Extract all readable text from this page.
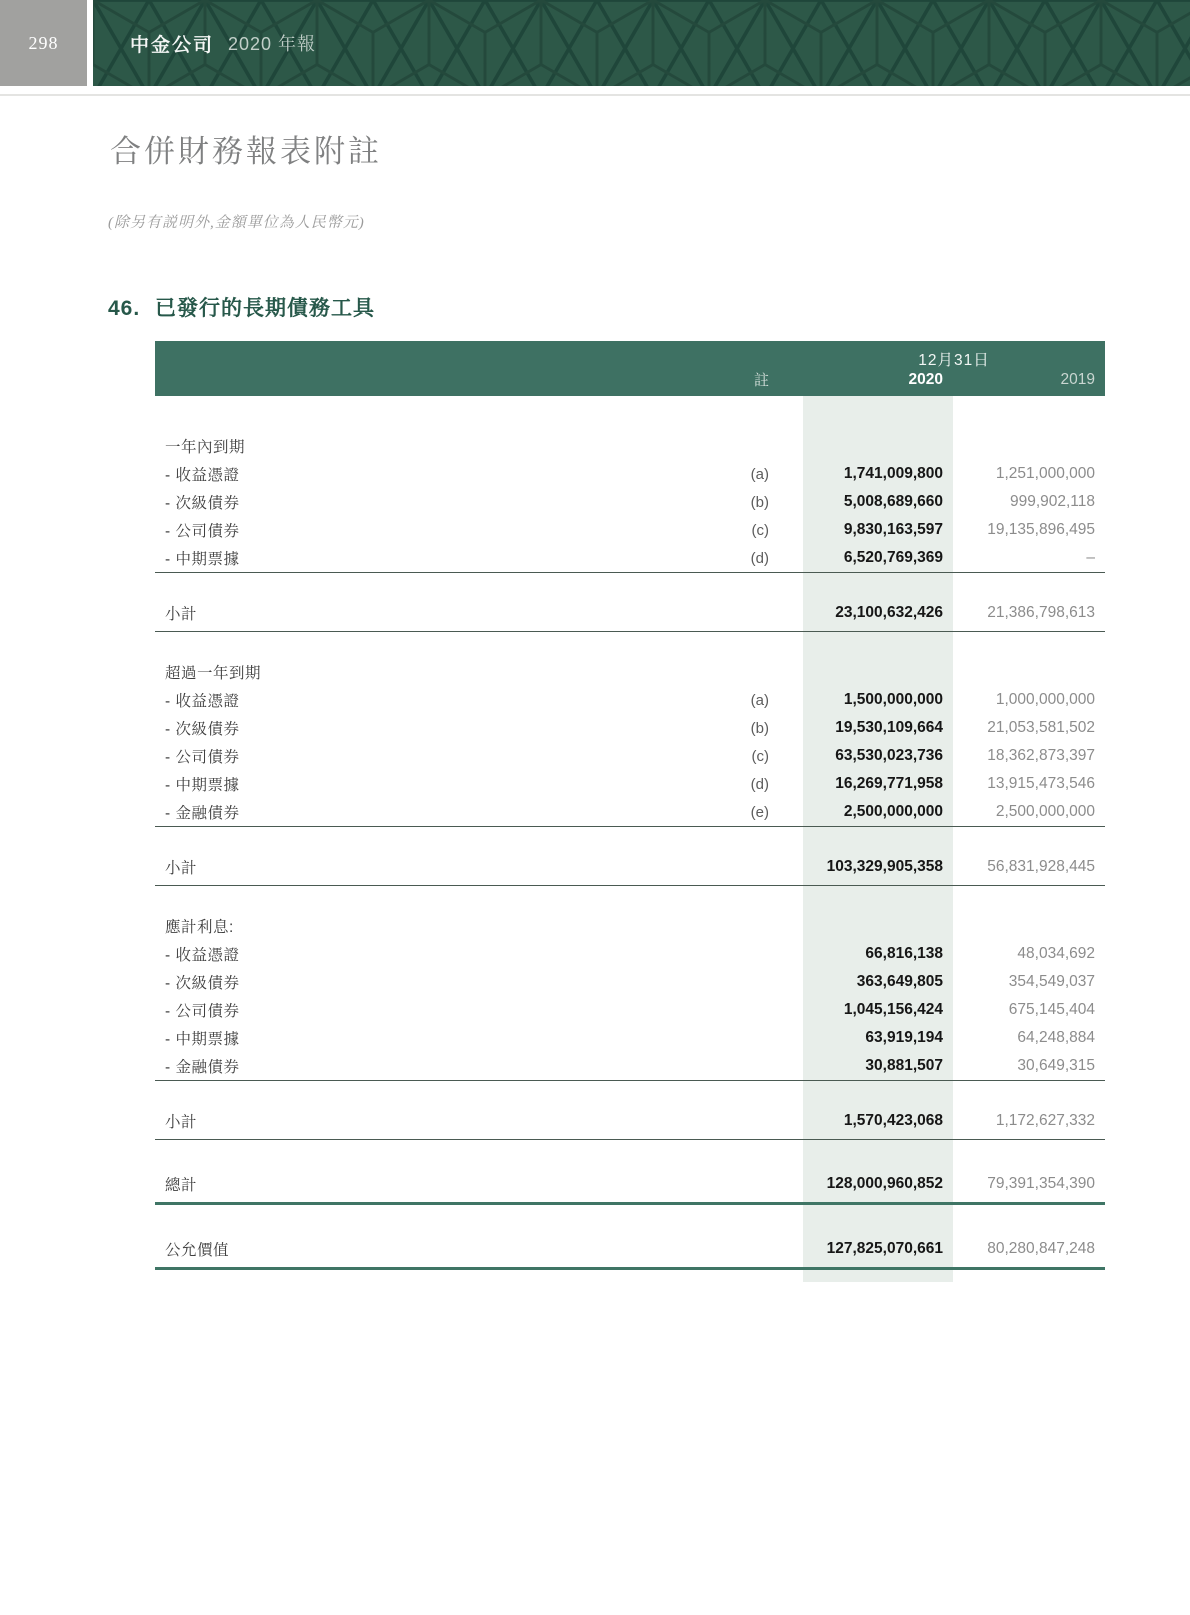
298	中金公司 2020 年報
合併財務報表附註
(除另有説明外,金額單位為人民幣元)
46. 已發行的長期債務工具
12月31日
註	2020	2019
一年內到期
- 收益憑證	(a)	1,741,009,800	1,251,000,000
- 次級債券	(b)	5,008,689,660	999,902,118
- 公司債券	(c)	9,830,163,597	19,135,896,495
- 中期票據	(d)	6,520,769,369	–
小計	23,100,632,426	21,386,798,613
超過一年到期
- 收益憑證	(a)	1,500,000,000	1,000,000,000
- 次級債券	(b)	19,530,109,664	21,053,581,502
- 公司債券	(c)	63,530,023,736	18,362,873,397
- 中期票據	(d)	16,269,771,958	13,915,473,546
- 金融債券	(e)	2,500,000,000	2,500,000,000
小計	103,329,905,358	56,831,928,445
應計利息:
- 收益憑證	66,816,138	48,034,692
- 次級債券	363,649,805	354,549,037
- 公司債券	1,045,156,424	675,145,404
- 中期票據	63,919,194	64,248,884
- 金融債券	30,881,507	30,649,315
小計	1,570,423,068	1,172,627,332
總計	128,000,960,852	79,391,354,390
公允價值	127,825,070,661	80,280,847,248
